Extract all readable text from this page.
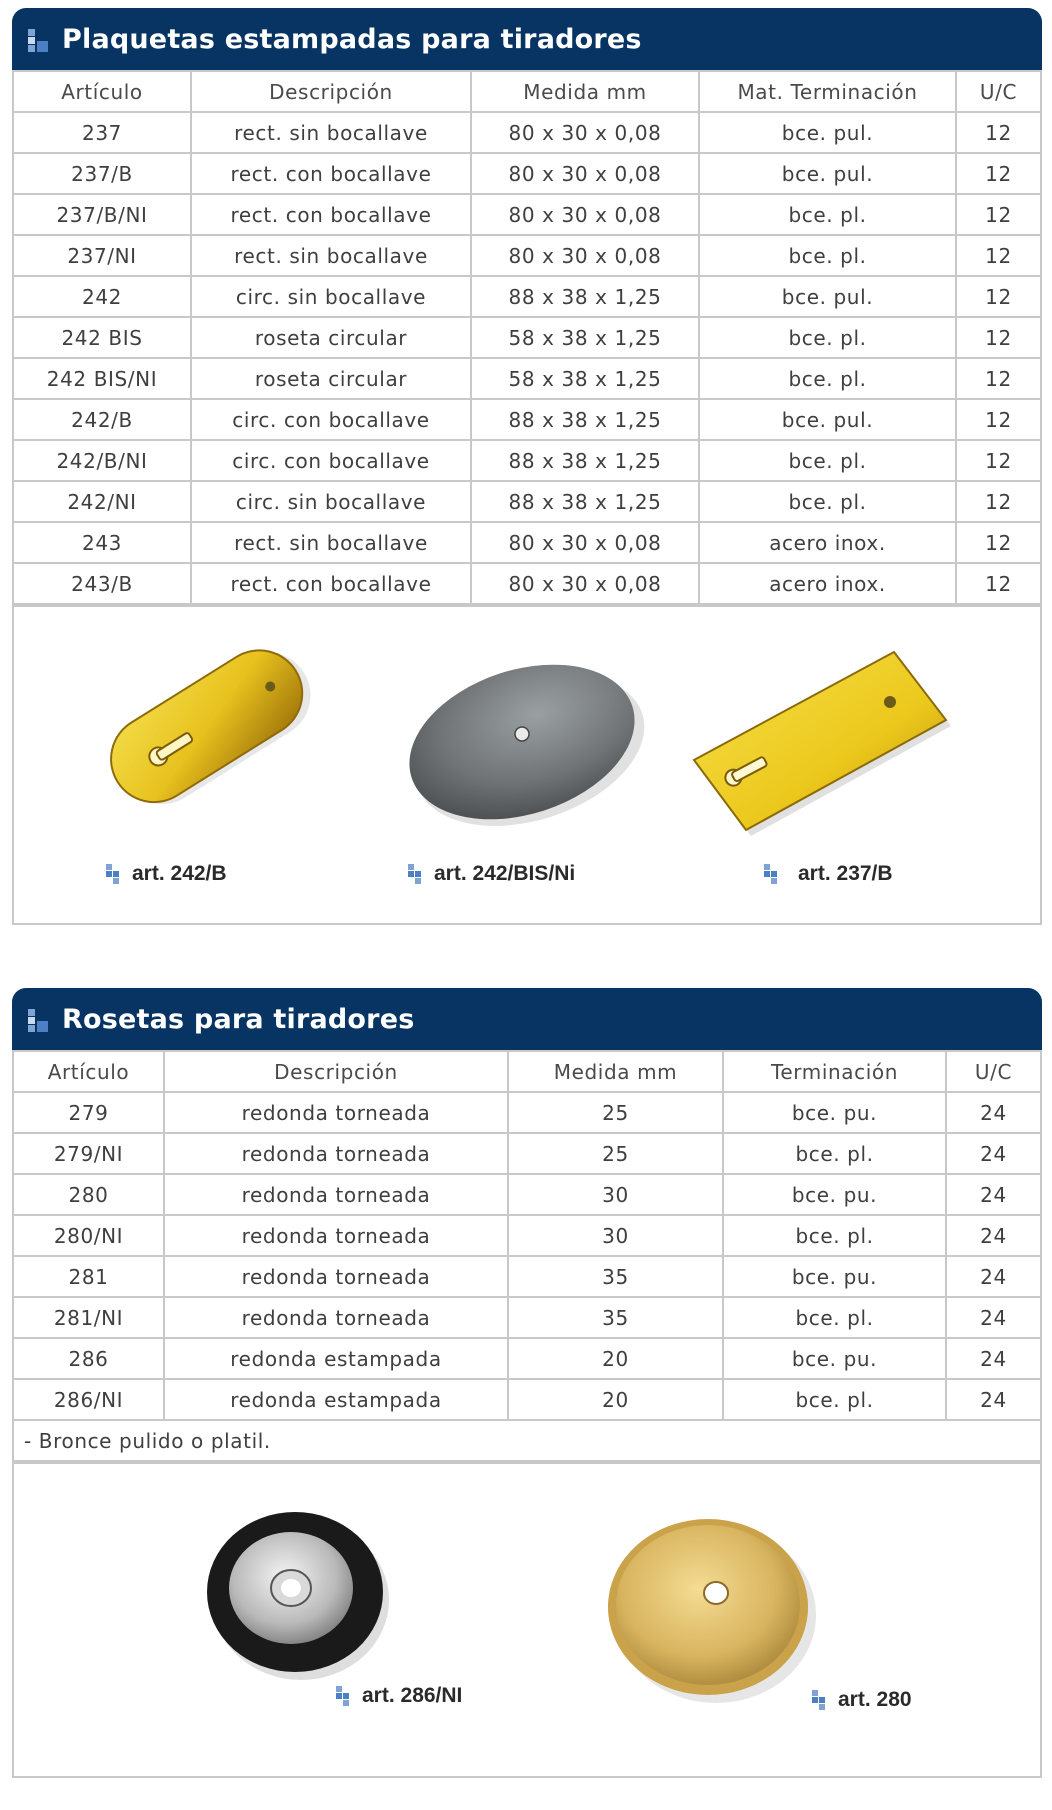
Plaquetas estampadas para tiradores
Artículo	Descripción	Medida mm	Mat. Terminación	U/C
237	rect. sin bocallave	80 x 30 x 0,08	bce. pul.	12
237/B	rect. con bocallave	80 x 30 x 0,08	bce. pul.	12
237/B/NI	rect. con bocallave	80 x 30 x 0,08	bce. pl.	12
237/NI	rect. sin bocallave	80 x 30 x 0,08	bce. pl.	12
242	circ. sin bocallave	88 x 38 x 1,25	bce. pul.	12
242 BIS	roseta circular	58 x 38 x 1,25	bce. pl.	12
242 BIS/NI	roseta circular	58 x 38 x 1,25	bce. pl.	12
242/B	circ. con bocallave	88 x 38 x 1,25	bce. pul.	12
242/B/NI	circ. con bocallave	88 x 38 x 1,25	bce. pl.	12
242/NI	circ. sin bocallave	88 x 38 x 1,25	bce. pl.	12
243	rect. sin bocallave	80 x 30 x 0,08	acero inox.	12
243/B	rect. con bocallave	80 x 30 x 0,08	acero inox.	12
art. 242/B	art. 242/BIS/Ni	art. 237/B
Rosetas para tiradores
Artículo	Descripción	Medida mm	Terminación	U/C
279	redonda torneada	25	bce. pu.	24
279/NI	redonda torneada	25	bce. pl.	24
280	redonda torneada	30	bce. pu.	24
280/NI	redonda torneada	30	bce. pl.	24
281	redonda torneada	35	bce. pu.	24
281/NI	redonda torneada	35	bce. pl.	24
286	redonda estampada	20	bce. pu.	24
286/NI	redonda estampada	20	bce. pl.	24
- Bronce pulido o platil.				
art. 286/NI	art. 280
